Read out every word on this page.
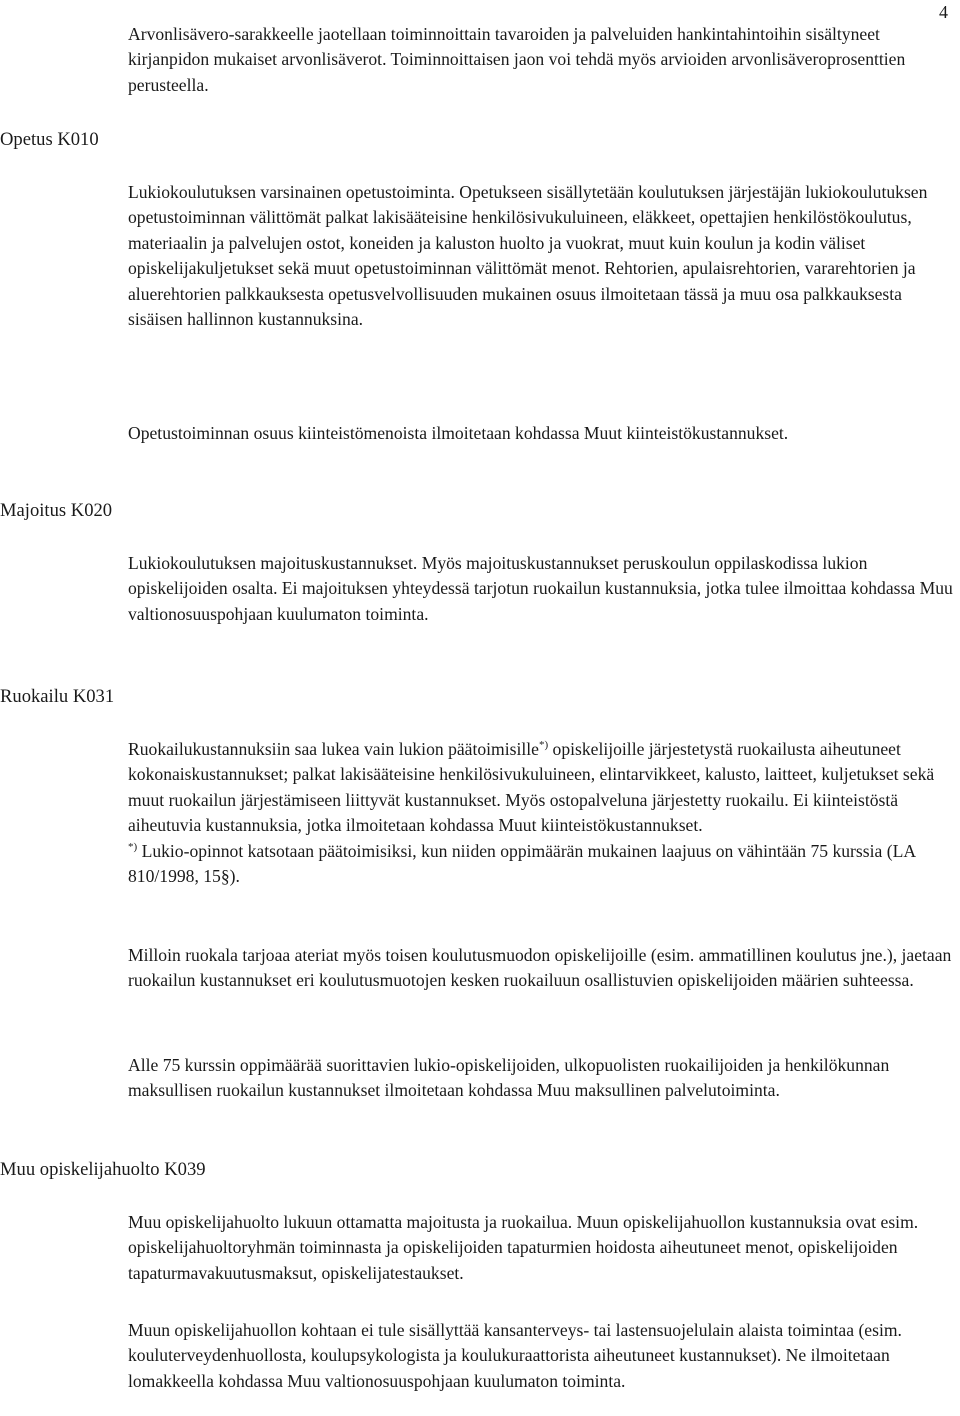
4

Arvonlisävero-sarakkeelle jaotellaan toiminnoittain tavaroiden ja palveluiden hankintahintoihin sisältyneet kirjanpidon mukaiset arvonlisäverot. Toiminnoittaisen jaon voi tehdä myös arvioiden arvonlisäveroprosenttien perusteella.

Opetus K010

Lukiokoulutuksen varsinainen opetustoiminta. Opetukseen sisällytetään koulutuksen järjestäjän lukiokoulutuksen opetustoiminnan välittömät palkat lakisääteisine henkilösivukuluineen, eläkkeet, opettajien henkilöstökoulutus, materiaalin ja palvelujen ostot, koneiden ja kaluston huolto ja vuokrat, muut kuin koulun ja kodin väliset opiskelijakuljetukset sekä muut opetustoiminnan välittömät menot. Rehtorien, apulaisrehtorien, vararehtorien ja aluerehtorien palkkauksesta opetusvelvollisuuden mukainen osuus ilmoitetaan tässä ja muu osa palkkauksesta sisäisen hallinnon kustannuksina.

Opetustoiminnan osuus kiinteistömenoista ilmoitetaan kohdassa Muut kiinteistökustannukset.

Majoitus K020

Lukiokoulutuksen majoituskustannukset. Myös majoituskustannukset peruskoulun oppilaskodissa lukion opiskelijoiden osalta. Ei majoituksen yhteydessä tarjotun ruokailun kustannuksia, jotka tulee ilmoittaa kohdassa Muu valtionosuuspohjaan kuulumaton toiminta.

Ruokailu K031

Ruokailukustannuksiin saa lukea vain lukion päätoimisille*) opiskelijoille järjestetystä ruokailusta aiheutuneet kokonaiskustannukset; palkat lakisääteisine henkilösivukuluineen, elintarvikkeet, kalusto, laitteet, kuljetukset sekä muut ruokailun järjestämiseen liittyvät kustannukset. Myös ostopalveluna järjestetty ruokailu. Ei kiinteistöstä aiheutuvia kustannuksia, jotka ilmoitetaan kohdassa Muut kiinteistökustannukset.
*) Lukio-opinnot katsotaan päätoimisiksi, kun niiden oppimäärän mukainen laajuus on vähintään 75 kurssia (LA 810/1998, 15§).

Milloin ruokala tarjoaa ateriat myös toisen koulutusmuodon opiskelijoille (esim. ammatillinen koulutus jne.), jaetaan ruokailun kustannukset eri koulutusmuotojen kesken ruokailuun osallistuvien opiskelijoiden määrien suhteessa.

Alle 75 kurssin oppimäärää suorittavien lukio-opiskelijoiden, ulkopuolisten ruokailijoiden ja henkilökunnan maksullisen ruokailun kustannukset ilmoitetaan kohdassa Muu maksullinen palvelutoiminta.

Muu opiskelijahuolto K039

Muu opiskelijahuolto lukuun ottamatta majoitusta ja ruokailua. Muun opiskelijahuollon kustannuksia ovat esim. opiskelijahuoltoryhmän toiminnasta ja opiskelijoiden tapaturmien hoidosta aiheutuneet menot, opiskelijoiden tapaturmavakuutusmaksut, opiskelijatestaukset.

Muun opiskelijahuollon kohtaan ei tule sisällyttää kansanterveys- tai lastensuojelulain alaista toimintaa (esim. kouluterveydenhuollosta, koulupsykologista ja koulukuraattorista aiheutuneet kustannukset). Ne ilmoitetaan lomakkeella kohdassa Muu valtionosuuspohjaan kuulumaton toiminta.
